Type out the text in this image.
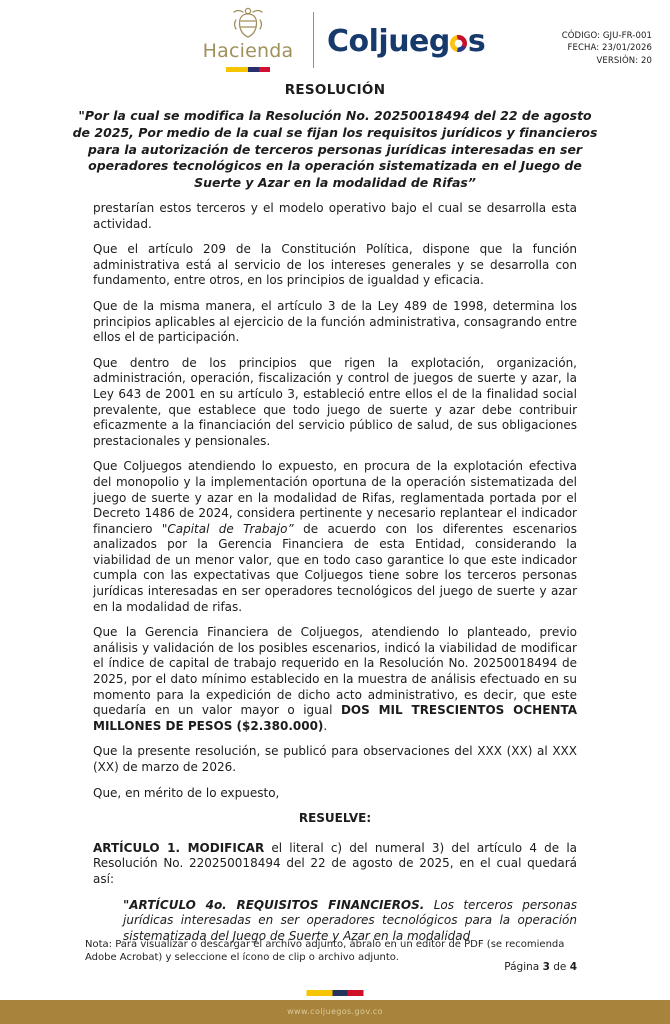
Hacienda	Coljueg s	CÓDIGO: GJU-FR-001
FECHA: 23/01/2026
VERSIÓN: 20
RESOLUCIÓN
"Por la cual se modifica la Resolución No. 20250018494 del 22 de agosto de 2025, Por medio de la cual se fijan los requisitos jurídicos y financieros para la autorización de terceros personas jurídicas interesadas en ser operadores tecnológicos en la operación sistematizada en el Juego de Suerte y Azar en la modalidad de Rifas”

prestarían estos terceros y el modelo operativo bajo el cual se desarrolla esta actividad.

Que el artículo 209 de la Constitución Política, dispone que la función administrativa está al servicio de los intereses generales y se desarrolla con fundamento, entre otros, en los principios de igualdad y eficacia.

Que de la misma manera, el artículo 3 de la Ley 489 de 1998, determina los principios aplicables al ejercicio de la función administrativa, consagrando entre ellos el de participación.

Que dentro de los principios que rigen la explotación, organización, administración, operación, fiscalización y control de juegos de suerte y azar, la Ley 643 de 2001 en su artículo 3, estableció entre ellos el de la finalidad social prevalente, que establece que todo juego de suerte y azar debe contribuir eficazmente a la financiación del servicio público de salud, de sus obligaciones prestacionales y pensionales.

Que Coljuegos atendiendo lo expuesto, en procura de la explotación efectiva del monopolio y la implementación oportuna de la operación sistematizada del juego de suerte y azar en la modalidad de Rifas, reglamentada portada por el Decreto 1486 de 2024, considera pertinente y necesario replantear el indicador financiero "Capital de Trabajo” de acuerdo con los diferentes escenarios analizados por la Gerencia Financiera de esta Entidad, considerando la viabilidad de un menor valor, que en todo caso garantice lo que este indicador cumpla con las expectativas que Coljuegos tiene sobre los terceros personas jurídicas interesadas en ser operadores tecnológicos del juego de suerte y azar en la modalidad de rifas.

Que la Gerencia Financiera de Coljuegos, atendiendo lo planteado, previo análisis y validación de los posibles escenarios, indicó la viabilidad de modificar el índice de capital de trabajo requerido en la Resolución No. 20250018494 de 2025, por el dato mínimo establecido en la muestra de análisis efectuado en su momento para la expedición de dicho acto administrativo, es decir, que este quedaría en un valor mayor o igual DOS MIL TRESCIENTOS OCHENTA MILLONES DE PESOS ($2.380.000).

Que la presente resolución, se publicó para observaciones del XXX (XX) al XXX (XX) de marzo de 2026.

Que, en mérito de lo expuesto,

RESUELVE:

ARTÍCULO 1. MODIFICAR el literal c) del numeral 3) del artículo 4 de la Resolución No. 220250018494 del 22 de agosto de 2025, en el cual quedará así:

"ARTÍCULO 4o. REQUISITOS FINANCIEROS. Los terceros personas jurídicas interesadas en ser operadores tecnológicos para la operación sistematizada del Juego de Suerte y Azar en la modalidad

Nota: Para visualizar o descargar el archivo adjunto, ábralo en un editor de PDF (se recomienda Adobe Acrobat) y seleccione el ícono de clip o archivo adjunto.
Página 3 de 4
www.coljuegos.gov.co
